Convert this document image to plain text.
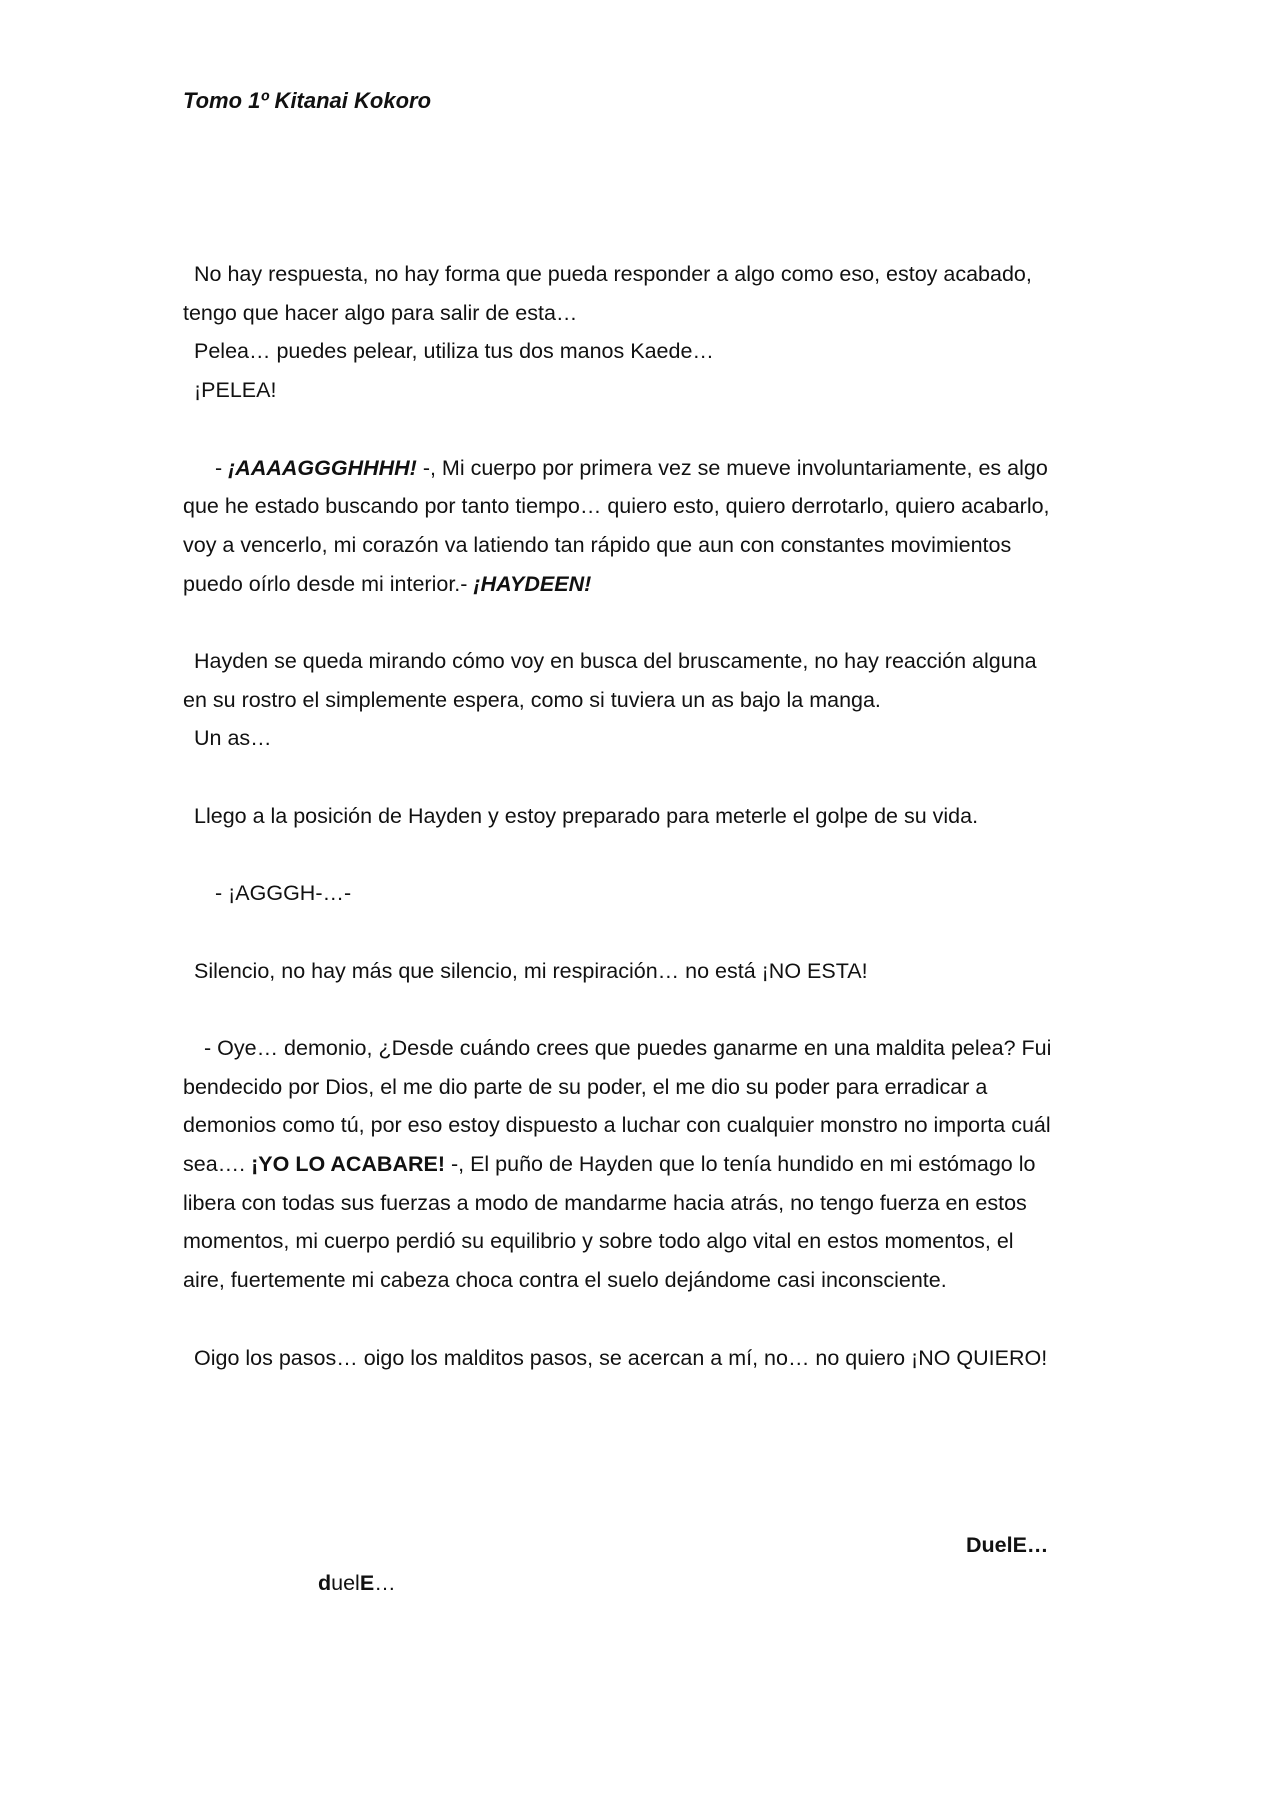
Tomo 1º Kitanai Kokoro

No hay respuesta, no hay forma que pueda responder a algo como eso, estoy acabado,

tengo que hacer algo para salir de esta…

Pelea… puedes pelear, utiliza tus dos manos Kaede…

¡PELEA!

- ¡AAAAGGGHHHH! -, Mi cuerpo por primera vez se mueve involuntariamente, es algo

que he estado buscando por tanto tiempo… quiero esto, quiero derrotarlo, quiero acabarlo,

voy a vencerlo, mi corazón va latiendo tan rápido que aun con constantes movimientos

puedo oírlo desde mi interior.- ¡HAYDEEN!

Hayden se queda mirando cómo voy en busca del bruscamente, no hay reacción alguna

en su rostro el simplemente espera, como si tuviera un as bajo la manga.

Un as…

Llego a la posición de Hayden y estoy preparado para meterle el golpe de su vida.

- ¡AGGGH-…-

Silencio, no hay más que silencio, mi respiración… no está ¡NO ESTA!

- Oye… demonio, ¿Desde cuándo crees que puedes ganarme en una maldita pelea? Fui

bendecido por Dios, el me dio parte de su poder, el me dio su poder para erradicar a

demonios como tú, por eso estoy dispuesto a luchar con cualquier monstro no importa cuál

sea…. ¡YO LO ACABARE! -, El puño de Hayden que lo tenía hundido en mi estómago lo

libera con todas sus fuerzas a modo de mandarme hacia atrás, no tengo fuerza en estos

momentos, mi cuerpo perdió su equilibrio y sobre todo algo vital en estos momentos, el

aire, fuertemente mi cabeza choca contra el suelo dejándome casi inconsciente.

Oigo los pasos… oigo los malditos pasos, se acercan a mí, no… no quiero ¡NO QUIERO!

DuelE…
duelE…
